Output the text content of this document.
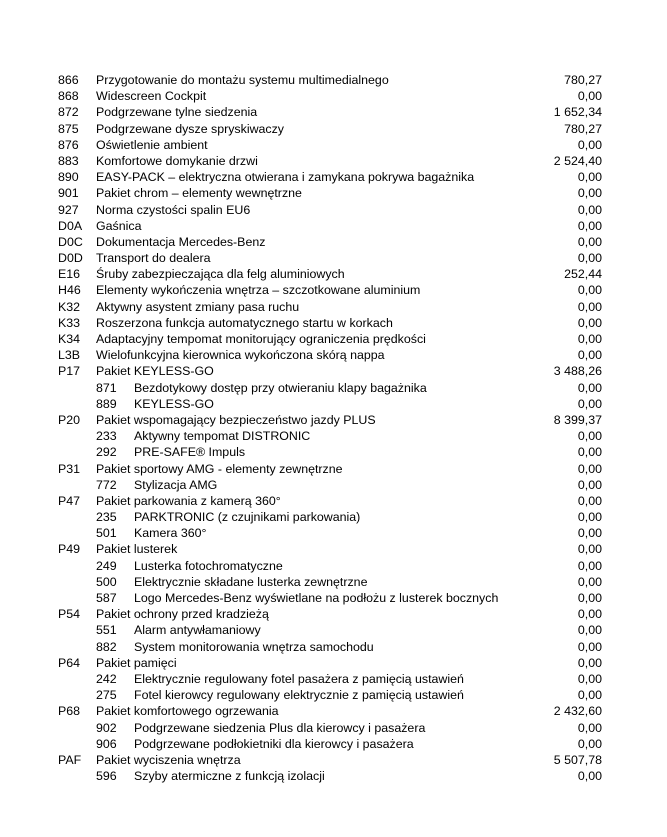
866 Przygotowanie do montażu systemu multimedialnego	780,27
868 Widescreen Cockpit	0,00
872 Podgrzewane tylne siedzenia	1 652,34
875 Podgrzewane dysze spryskiwaczy	780,27
876 Oświetlenie ambient	0,00
883 Komfortowe domykanie drzwi	2 524,40
890 EASY-PACK – elektryczna otwierana i zamykana pokrywa bagażnika	0,00
901 Pakiet chrom – elementy wewnętrzne	0,00
927 Norma czystości spalin EU6	0,00
D0A Gaśnica	0,00
D0C Dokumentacja Mercedes-Benz	0,00
D0D Transport do dealera	0,00
E16 Śruby zabezpieczająca dla felg aluminiowych	252,44
H46 Elementy wykończenia wnętrza – szczotkowane aluminium	0,00
K32 Aktywny asystent zmiany pasa ruchu	0,00
K33 Roszerzona funkcja automatycznego startu w korkach	0,00
K34 Adaptacyjny tempomat monitorujący ograniczenia prędkości	0,00
L3B Wielofunkcyjna kierownica wykończona skórą nappa	0,00
P17 Pakiet KEYLESS-GO	3 488,26
871 Bezdotykowy dostęp przy otwieraniu klapy bagażnika	0,00
889 KEYLESS-GO	0,00
P20 Pakiet wspomagający bezpieczeństwo jazdy PLUS	8 399,37
233 Aktywny tempomat DISTRONIC	0,00
292 PRE-SAFE® Impuls	0,00
P31 Pakiet sportowy AMG - elementy zewnętrzne	0,00
772 Stylizacja AMG	0,00
P47 Pakiet parkowania z kamerą 360°	0,00
235 PARKTRONIC (z czujnikami parkowania)	0,00
501 Kamera 360°	0,00
P49 Pakiet lusterek	0,00
249 Lusterka fotochromatyczne	0,00
500 Elektrycznie składane lusterka zewnętrzne	0,00
587 Logo Mercedes-Benz wyświetlane na podłożu z lusterek bocznych	0,00
P54 Pakiet ochrony przed kradzieżą	0,00
551 Alarm antywłamaniowy	0,00
882 System monitorowania wnętrza samochodu	0,00
P64 Pakiet pamięci	0,00
242 Elektrycznie regulowany fotel pasażera z pamięcią ustawień	0,00
275 Fotel kierowcy regulowany elektrycznie z pamięcią ustawień	0,00
P68 Pakiet komfortowego ogrzewania	2 432,60
902 Podgrzewane siedzenia Plus dla kierowcy i pasażera	0,00
906 Podgrzewane podłokietniki dla kierowcy i pasażera	0,00
PAF Pakiet wyciszenia wnętrza	5 507,78
596 Szyby atermiczne z funkcją izolacji	0,00
